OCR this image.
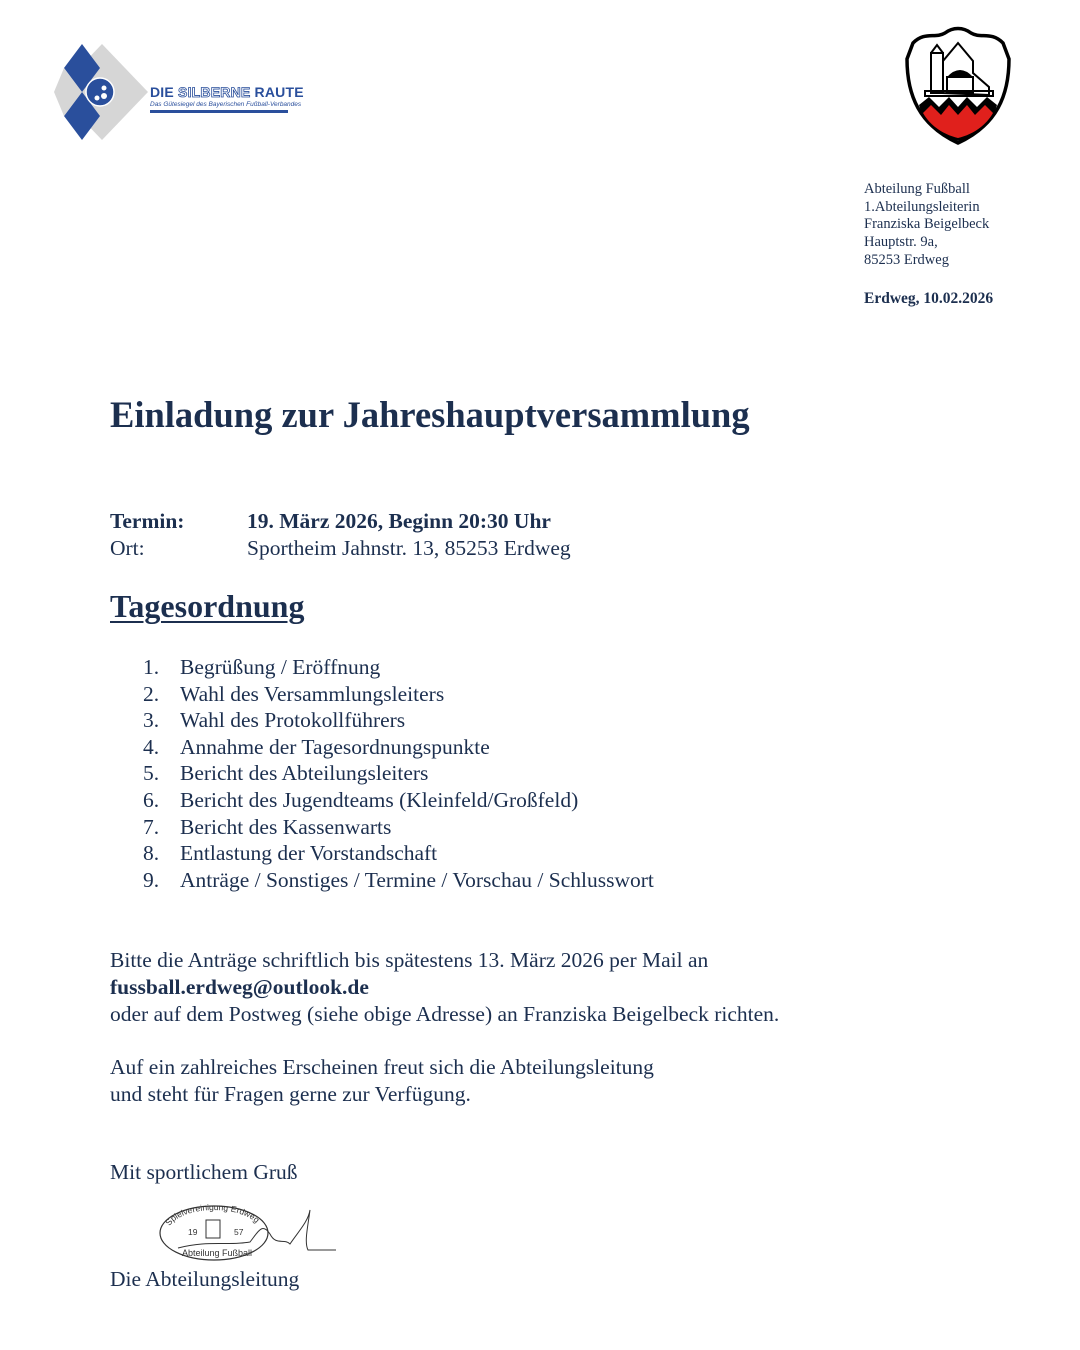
DIE SILBERNE RAUTE
Das Gütesiegel des Bayerischen Fußball-Verbandes
Abteilung Fußball
1.Abteilungsleiterin
Franziska Beigelbeck
Hauptstr. 9a,
85253 Erdweg
Erdweg, 10.02.2026
Einladung zur Jahreshauptversammlung
Termin:	19. März 2026, Beginn 20:30 Uhr
Ort:	Sportheim Jahnstr. 13, 85253 Erdweg
Tagesordnung
1. Begrüßung / Eröffnung
2. Wahl des Versammlungsleiters
3. Wahl des Protokollführers
4. Annahme der Tagesordnungspunkte
5. Bericht des Abteilungsleiters
6. Bericht des Jugendteams (Kleinfeld/Großfeld)
7. Bericht des Kassenwarts
8. Entlastung der Vorstandschaft
9. Anträge / Sonstiges / Termine / Vorschau / Schlusswort
Bitte die Anträge schriftlich bis spätestens 13. März 2026 per Mail an
fussball.erdweg@outlook.de
oder auf dem Postweg (siehe obige Adresse) an Franziska Beigelbeck richten.
Auf ein zahlreiches Erscheinen freut sich die Abteilungsleitung
und steht für Fragen gerne zur Verfügung.
Mit sportlichem Gruß
Spielvereinigung Erdweg
19	57
Abteilung Fußball
Die Abteilungsleitung
